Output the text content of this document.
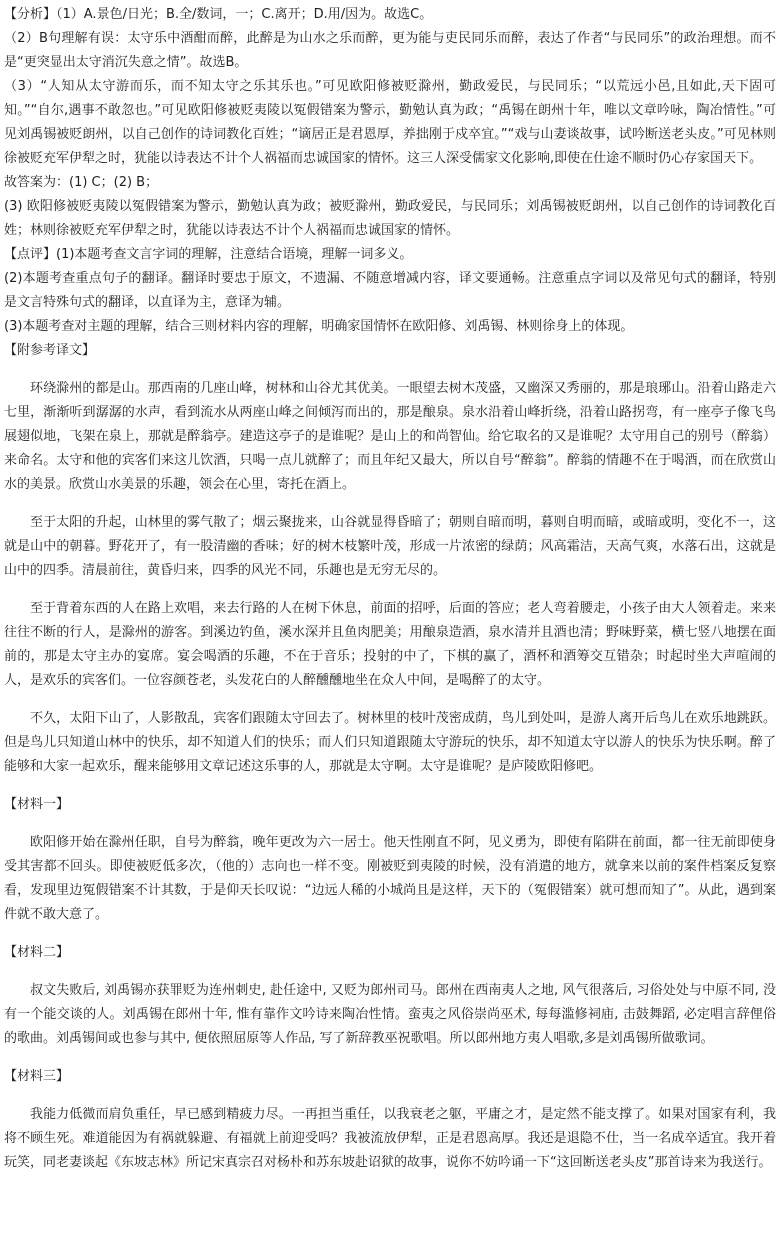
【分析】（1）A.景色/日光；B.全/数词，一；C.离开；D.用/因为。故选C。

（2）B句理解有误：太守乐中酒酣而醉，此醉是为山水之乐而醉，更为能与吏民同乐而醉，表达了作者“与民同乐”的政治理想。而不是“更突显出太守消沉失意之情”。故选B。

（3）“人知从太守游而乐，而不知太守之乐其乐也。”可见欧阳修被贬滁州，勤政爱民，与民同乐；“以荒远小邑,且如此,天下固可知。”“自尔,遇事不敢忽也。”可见欧阳修被贬夷陵以冤假错案为警示，勤勉认真为政；“禹锡在朗州十年，唯以文章吟咏，陶冶情性。”可见刘禹锡被贬朗州，以自己创作的诗词教化百姓；“谪居正是君恩厚，养拙刚于戍卒宜。”“戏与山妻谈故事，试吟断送老头皮。”可见林则徐被贬充军伊犁之时，犹能以诗表达不计个人祸福而忠诚国家的情怀。这三人深受儒家文化影响,即使在仕途不顺时仍心存家国天下。

故答案为：(1) C；(2) B；

(3) 欧阳修被贬夷陵以冤假错案为警示，勤勉认真为政；被贬滁州，勤政爱民，与民同乐；刘禹锡被贬朗州，以自己创作的诗词教化百姓；林则徐被贬充军伊犁之时，犹能以诗表达不计个人祸福而忠诚国家的情怀。

【点评】(1)本题考查文言字词的理解，注意结合语境，理解一词多义。

(2)本题考查重点句子的翻译。翻译时要忠于原文，不遗漏、不随意增减内容，译文要通畅。注意重点字词以及常见句式的翻译，特别是文言特殊句式的翻译，以直译为主，意译为辅。

(3)本题考查对主题的理解，结合三则材料内容的理解，明确家国情怀在欧阳修、刘禹锡、林则徐身上的体现。

【附参考译文】

环绕滁州的都是山。那西南的几座山峰，树林和山谷尤其优美。一眼望去树木茂盛，又幽深又秀丽的，那是琅琊山。沿着山路走六七里，渐渐听到潺潺的水声，看到流水从两座山峰之间倾泻而出的，那是酿泉。泉水沿着山峰折绕，沿着山路拐弯，有一座亭子像飞鸟展翅似地，飞架在泉上，那就是醉翁亭。建造这亭子的是谁呢？是山上的和尚智仙。给它取名的又是谁呢？太守用自己的别号（醉翁）来命名。太守和他的宾客们来这儿饮酒，只喝一点儿就醉了；而且年纪又最大，所以自号“醉翁”。醉翁的情趣不在于喝酒，而在欣赏山水的美景。欣赏山水美景的乐趣，领会在心里，寄托在酒上。

至于太阳的升起，山林里的雾气散了；烟云聚拢来，山谷就显得昏暗了；朝则自暗而明，暮则自明而暗，或暗或明，变化不一，这就是山中的朝暮。野花开了，有一股清幽的香味；好的树木枝繁叶茂，形成一片浓密的绿荫；风高霜洁，天高气爽，水落石出，这就是山中的四季。清晨前往，黄昏归来，四季的风光不同，乐趣也是无穷无尽的。

至于背着东西的人在路上欢唱，来去行路的人在树下休息，前面的招呼，后面的答应；老人弯着腰走，小孩子由大人领着走。来来往往不断的行人，是滁州的游客。到溪边钓鱼，溪水深并且鱼肉肥美；用酿泉造酒，泉水清并且酒也清；野味野菜，横七竖八地摆在面前的，那是太守主办的宴席。宴会喝酒的乐趣，不在于音乐；投射的中了，下棋的赢了，酒杯和酒筹交互错杂；时起时坐大声喧闹的人，是欢乐的宾客们。一位容颜苍老，头发花白的人醉醺醺地坐在众人中间，是喝醉了的太守。

不久，太阳下山了，人影散乱，宾客们跟随太守回去了。树林里的枝叶茂密成荫，鸟儿到处叫，是游人离开后鸟儿在欢乐地跳跃。但是鸟儿只知道山林中的快乐，却不知道人们的快乐；而人们只知道跟随太守游玩的快乐，却不知道太守以游人的快乐为快乐啊。醉了能够和大家一起欢乐，醒来能够用文章记述这乐事的人，那就是太守啊。太守是谁呢？是庐陵欧阳修吧。

【材料一】

欧阳修开始在滁州任职，自号为醉翁，晚年更改为六一居士。他天性刚直不阿，见义勇为，即使有陷阱在前面，都一往无前即使身受其害都不回头。即使被贬低多次，（他的）志向也一样不变。刚被贬到夷陵的时候，没有消遣的地方，就拿来以前的案件档案反复察看，发现里边冤假错案不计其数，于是仰天长叹说：“边远人稀的小城尚且是这样，天下的（冤假错案）就可想而知了”。从此，遇到案件就不敢大意了。

【材料二】

叔文失败后, 刘禹锡亦获罪贬为连州刺史, 赴任途中, 又贬为郎州司马。郎州在西南夷人之地, 风气很落后, 习俗处处与中原不同, 没有一个能交谈的人。刘禹锡在郎州十年, 惟有靠作文吟诗来陶冶性情。蛮夷之风俗崇尚巫术, 每每滥修祠庙, 击鼓舞蹈, 必定唱言辞俚俗的歌曲。刘禹锡间或也参与其中, 便依照屈原等人作品, 写了新辞教巫祝歌唱。所以郎州地方夷人唱歌,多是刘禹锡所做歌词。

【材料三】

我能力低微而肩负重任，早已感到精疲力尽。一再担当重任，以我衰老之躯，平庸之才，是定然不能支撑了。如果对国家有利，我将不顾生死。难道能因为有祸就躲避、有福就上前迎受吗？我被流放伊犁，正是君恩高厚。我还是退隐不仕，当一名成卒适宜。我开着玩笑，同老妻谈起《东坡志林》所记宋真宗召对杨朴和苏东坡赴诏狱的故事，说你不妨吟诵一下“这回断送老头皮”那首诗来为我送行。
